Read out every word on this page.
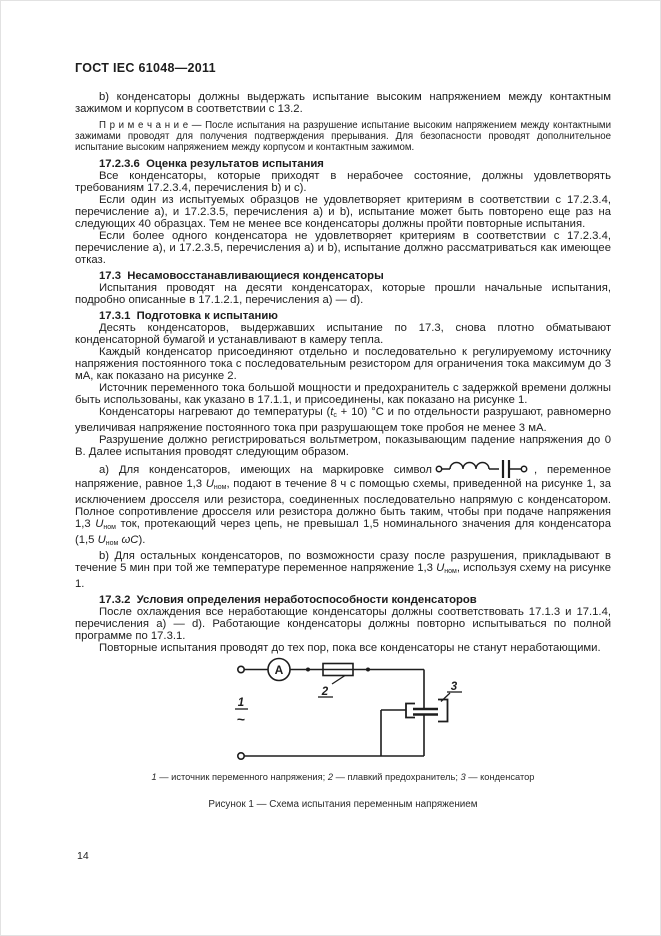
ГОСТ IEC 61048—2011

b) конденсаторы должны выдержать испытание высоким напряжением между контактным зажимом и корпусом в соответствии с 13.2.

П р и м е ч а н и е — После испытания на разрушение испытание высоким напряжением между контактными зажимами проводят для получения подтверждения прерывания. Для безопасности проводят дополнительное испытание высоким напряжением между корпусом и контактным зажимом.

17.2.3.6  Оценка результатов испытания

Все конденсаторы, которые приходят в нерабочее состояние, должны удовлетворять требованиям 17.2.3.4, перечисления b) и c).

Если один из испытуемых образцов не удовлетворяет критериям в соответствии с 17.2.3.4, перечисление a), и 17.2.3.5, перечисления a) и b), испытание может быть повторено еще раз на следующих 40 образцах. Тем не менее все конденсаторы должны пройти повторные испытания.

Если более одного конденсатора не удовлетворяет критериям в соответствии с 17.2.3.4, перечисление a), и 17.2.3.5, перечисления a) и b), испытание должно рассматриваться как имеющее отказ.

17.3  Несамовосстанавливающиеся конденсаторы

Испытания проводят на десяти конденсаторах, которые прошли начальные испытания, подробно описанные в 17.1.2.1, перечисления a) — d).

17.3.1  Подготовка к испытанию

Десять конденсаторов, выдержавших испытание по 17.3, снова плотно обматывают конденсаторной бумагой и устанавливают в камеру тепла.

Каждый конденсатор присоединяют отдельно и последовательно к регулируемому источнику напряжения постоянного тока с последовательным резистором для ограничения тока максимум до 3 мА, как показано на рисунке 2.

Источник переменного тока большой мощности и предохранитель с задержкой времени должны быть использованы, как указано в 17.1.1, и присоединены, как показано на рисунке 1.

Конденсаторы нагревают до температуры $(t_с + 10)$ °С и по отдельности разрушают, равномерно увеличивая напряжение постоянного тока при разрушающем токе пробоя не менее 3 мА.

Разрушение должно регистрироваться вольтметром, показывающим падение напряжения до 0 В. Далее испытания проводят следующим образом.

a) Для конденсаторов, имеющих на маркировке символ	, переменное напряжение, равное 1,3 $U_{ном}$, подают в течение 8 ч с помощью схемы, приведенной на рисунке 1, за исключением дросселя или резистора, соединенных последовательно напрямую с конденсатором. Полное сопротивление дросселя или резистора должно быть таким, чтобы при подаче напряжения 1,3 $U_{ном}$ ток, протекающий через цепь, не превышал 1,5 номинального значения для конденсатора (1,5 $U_{ном}$ ωC).

b) Для остальных конденсаторов, по возможности сразу после разрушения, прикладывают в течение 5 мин при той же температуре переменное напряжение 1,3 $U_{ном}$, используя схему на рисунке 1.

17.3.2  Условия определения неработоспособности конденсаторов

После охлаждения все неработающие конденсаторы должны соответствовать 17.1.3 и 17.1.4, перечисления a) — d). Работающие конденсаторы должны повторно испытываться по полной программе по 17.3.1.

Повторные испытания проводят до тех пор, пока все конденсаторы не станут неработающими.

A
1
~
2	3
1 — источник переменного напряжения; 2 — плавкий предохранитель; 3 — конденсатор
Рисунок 1 — Схема испытания переменным напряжением
14
